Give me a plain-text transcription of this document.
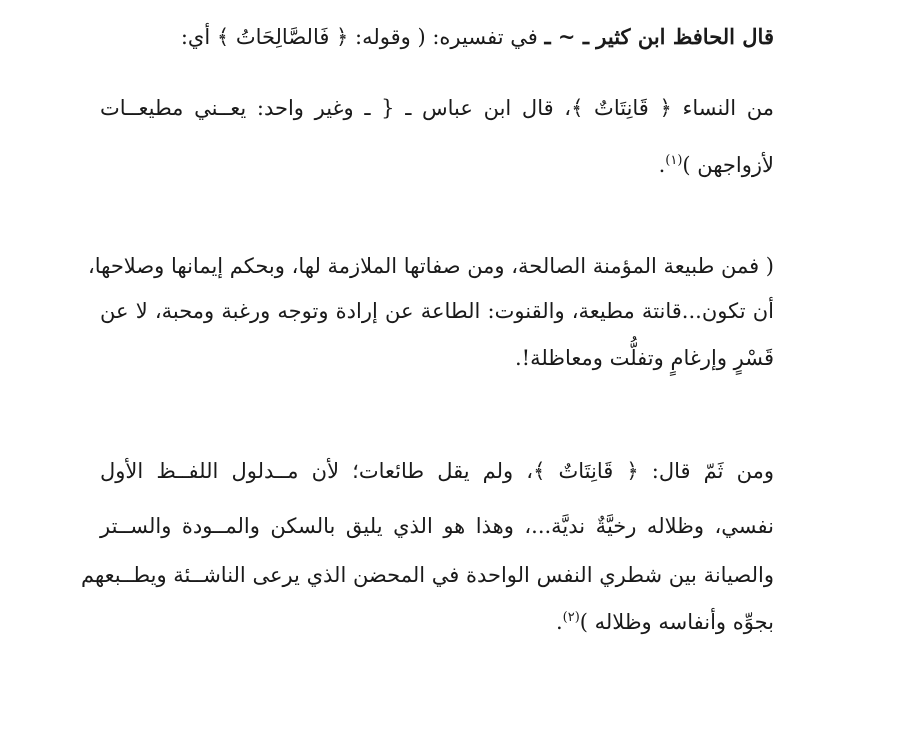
قال الحافظ ابن كثير ـ ~ ـ في تفسيره: ( وقوله: ﴿ فَالصَّالِحَاتُ ﴾ أي:
من النساء ﴿ قَانِتَاتٌ ﴾، قال ابن عباس ـ { ـ وغير واحد: يعــني مطيعــات
لأزواجهن )$^{(١)}$.
( فمن طبيعة المؤمنة الصالحة، ومن صفاتها الملازمة لها، وبحكم إيمانها وصلاحها،
أن تكون...قانتة مطيعة، والقنوت: الطاعة عن إرادة وتوجه ورغبة ومحبة، لا عن
قَسْرٍ وإرغامٍ وتفلُّت ومعاظلة!.
ومن ثَمّ قال: ﴿ قَانِتَاتٌ ﴾، ولم يقل طائعات؛ لأن مــدلول اللفــظ الأول
نفسي، وظلاله رخيَّةٌ نديَّة...، وهذا هو الذي يليق بالسكن والمــودة والســتر
والصيانة بين شطري النفس الواحدة في المحضن الذي يرعى الناشــئة ويطــبعهم
بجوِّه وأنفاسه وظلاله )$^{(٢)}$.
